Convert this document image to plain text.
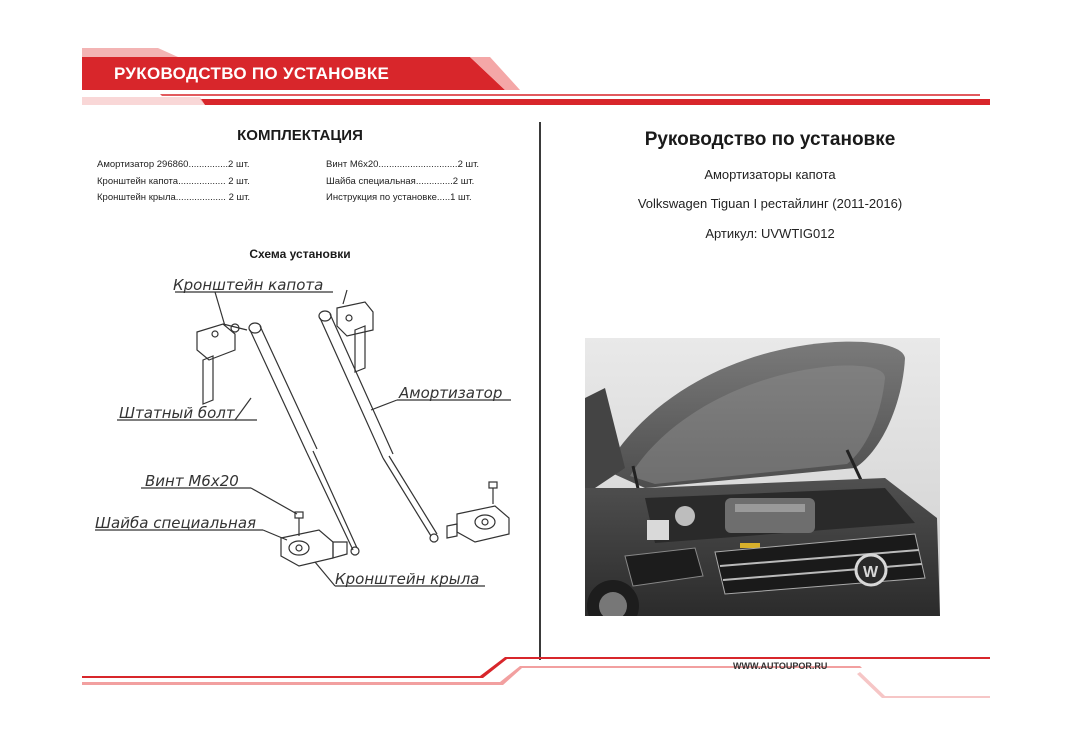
РУКОВОДСТВО ПО УСТАНОВКЕ
КОМПЛЕКТАЦИЯ
Амортизатор 296860...............2 шт.
Кронштейн капота.................. 2 шт.
Кронштейн крыла................... 2 шт.
Винт М6х20..............................2 шт.
Шайба специальная..............2 шт.
Инструкция по установке.....1 шт.
Схема установки
Кронштейн капота
Штатный болт
Амортизатор
Винт М6х20
Шайба специальная
Кронштейн крыла
Руководство по установке
Амортизаторы капота
Volkswagen Tiguan I рестайлинг (2011-2016)
Артикул: UVWTIG012
W
WWW.AUTOUPOR.RU
